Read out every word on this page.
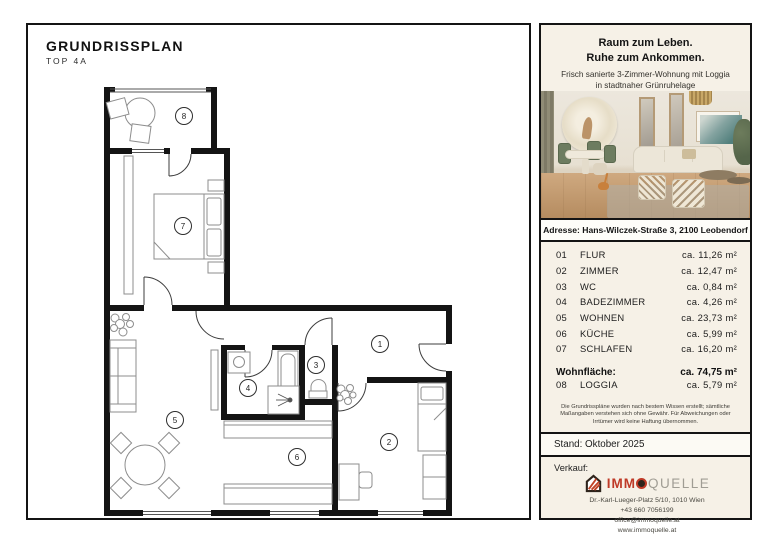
GRUNDRISSPLAN
TOP 4A
1
2
3
4
5
6
7
8
Raum zum Leben.
Ruhe zum Ankommen.
Frisch sanierte 3-Zimmer-Wohnung mit Loggia
in stadtnaher Grünruhelage
Adresse: Hans-Wilczek-Straße 3, 2100 Leobendorf
01	FLUR	ca. 11,26 m²
02	ZIMMER	ca. 12,47 m²
03	WC	ca. 0,84 m²
04	BADEZIMMER	ca. 4,26 m²
05	WOHNEN	ca. 23,73 m²
06	KÜCHE	ca. 5,99 m²
07	SCHLAFEN	ca. 16,20 m²
Wohnfläche:	ca. 74,75 m²
08	LOGGIA	ca. 5,79 m²
Die Grundrisspläne wurden nach bestem Wissen erstellt; sämtliche Maßangaben verstehen sich ohne Gewähr. Für Abweichungen oder Irrtümer wird keine Haftung übernommen.
Stand: Oktober 2025
Verkauf:
IMM QUELLE
Dr.-Karl-Lueger-Platz 5/10, 1010 Wien
+43 660 7056199
office@immoquelle.at
www.immoquelle.at
